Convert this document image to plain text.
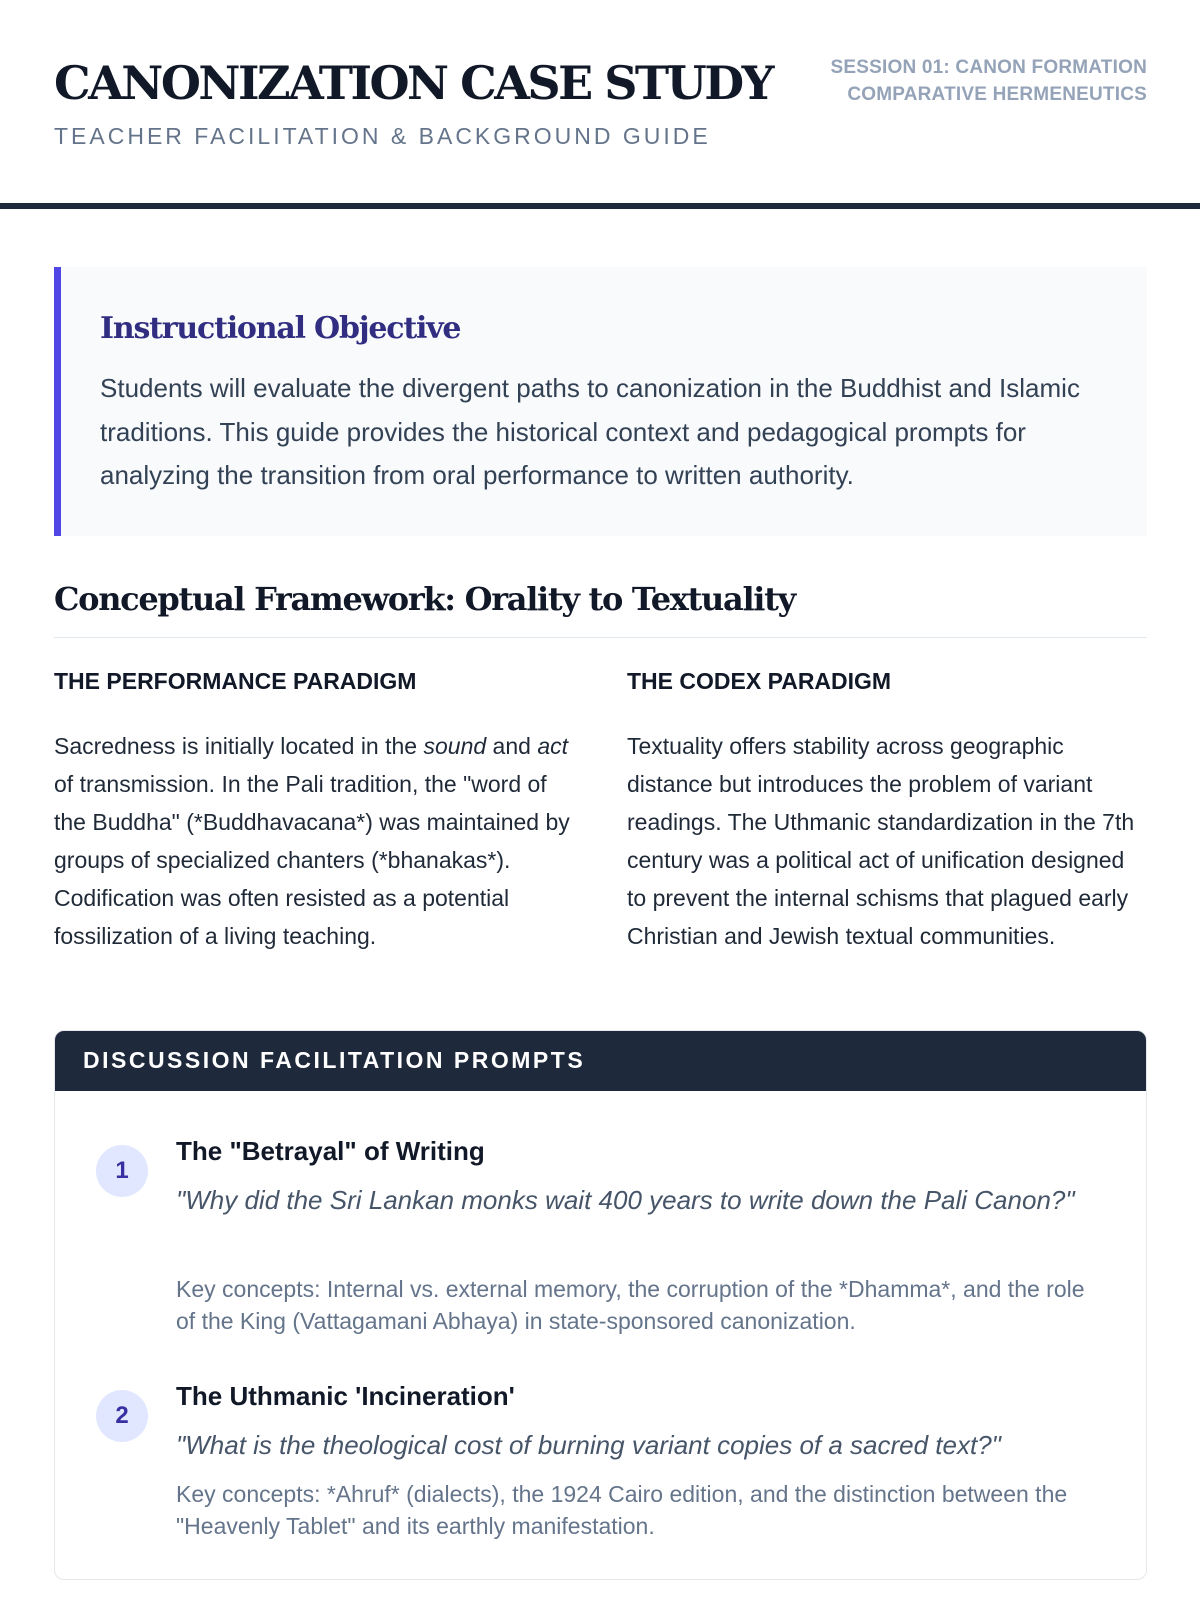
CANONIZATION CASE STUDY
TEACHER FACILITATION & BACKGROUND GUIDE
SESSION 01: CANON FORMATION
COMPARATIVE HERMENEUTICS
Instructional Objective

Students will evaluate the divergent paths to canonization in the Buddhist and Islamic traditions. This guide provides the historical context and pedagogical prompts for analyzing the transition from oral performance to written authority.

Conceptual Framework: Orality to Textuality
THE PERFORMANCE PARADIGM

Sacredness is initially located in the sound and act of transmission. In the Pali tradition, the "word of the Buddha" (*Buddhavacana*) was maintained by groups of specialized chanters (*bhanakas*). Codification was often resisted as a potential fossilization of a living teaching.

THE CODEX PARADIGM

Textuality offers stability across geographic distance but introduces the problem of variant readings. The Uthmanic standardization in the 7th century was a political act of unification designed to prevent the internal schisms that plagued early Christian and Jewish textual communities.

DISCUSSION FACILITATION PROMPTS
1
The "Betrayal" of Writing

"Why did the Sri Lankan monks wait 400 years to write down the Pali Canon?"

Key concepts: Internal vs. external memory, the corruption of the *Dhamma*, and the role of the King (Vattagamani Abhaya) in state-sponsored canonization.

2
The Uthmanic 'Incineration'

"What is the theological cost of burning variant copies of a sacred text?"

Key concepts: *Ahruf* (dialects), the 1924 Cairo edition, and the distinction between the "Heavenly Tablet" and its earthly manifestation.
